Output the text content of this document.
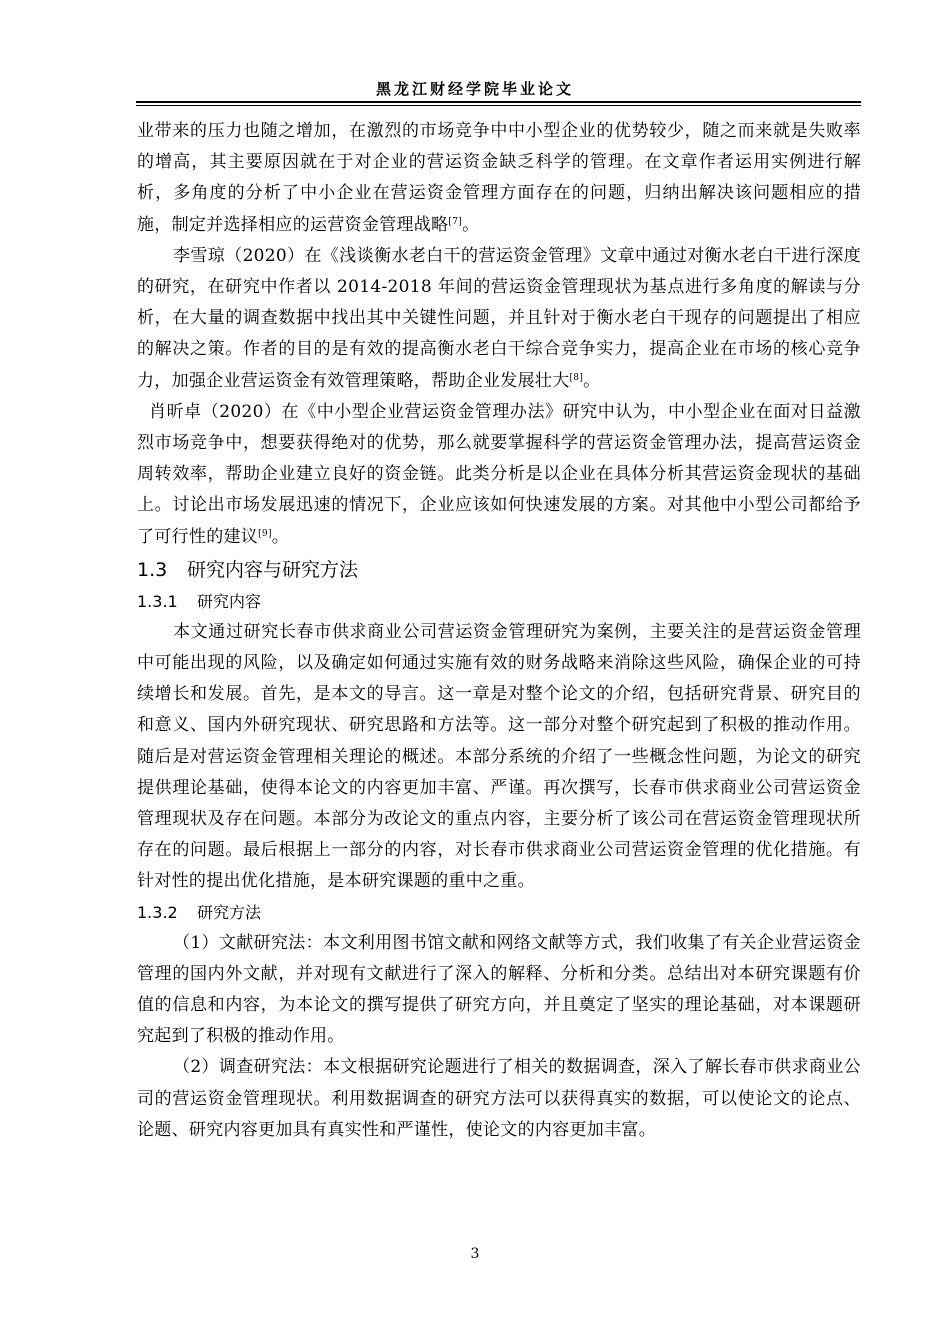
黑龙江财经学院毕业论文

业带来的压力也随之增加，在激烈的市场竞争中中小型企业的优势较少，随之而来就是失败率的增高，其主要原因就在于对企业的营运资金缺乏科学的管理。在文章作者运用实例进行解析，多角度的分析了中小企业在营运资金管理方面存在的问题，归纳出解决该问题相应的措施，制定并选择相应的运营资金管理战略[7]。

李雪琼（2020）在《浅谈衡水老白干的营运资金管理》文章中通过对衡水老白干进行深度的研究，在研究中作者以 2014-2018 年间的营运资金管理现状为基点进行多角度的解读与分析，在大量的调查数据中找出其中关键性问题，并且针对于衡水老白干现存的问题提出了相应的解决之策。作者的目的是有效的提高衡水老白干综合竞争实力，提高企业在市场的核心竞争力，加强企业营运资金有效管理策略，帮助企业发展壮大[8]。

肖昕卓（2020）在《中小型企业营运资金管理办法》研究中认为，中小型企业在面对日益激烈市场竞争中，想要获得绝对的优势，那么就要掌握科学的营运资金管理办法，提高营运资金周转效率，帮助企业建立良好的资金链。此类分析是以企业在具体分析其营运资金现状的基础上。讨论出市场发展迅速的情况下，企业应该如何快速发展的方案。对其他中小型公司都给予了可行性的建议[9]。

1.3 研究内容与研究方法
1.3.1 研究内容

本文通过研究长春市供求商业公司营运资金管理研究为案例，主要关注的是营运资金管理中可能出现的风险，以及确定如何通过实施有效的财务战略来消除这些风险，确保企业的可持续增长和发展。首先，是本文的导言。这一章是对整个论文的介绍，包括研究背景、研究目的和意义、国内外研究现状、研究思路和方法等。这一部分对整个研究起到了积极的推动作用。随后是对营运资金管理相关理论的概述。本部分系统的介绍了一些概念性问题，为论文的研究提供理论基础，使得本论文的内容更加丰富、严谨。再次撰写，长春市供求商业公司营运资金管理现状及存在问题。本部分为改论文的重点内容，主要分析了该公司在营运资金管理现状所存在的问题。最后根据上一部分的内容，对长春市供求商业公司营运资金管理的优化措施。有针对性的提出优化措施，是本研究课题的重中之重。

1.3.2 研究方法

（1）文献研究法：本文利用图书馆文献和网络文献等方式，我们收集了有关企业营运资金管理的国内外文献，并对现有文献进行了深入的解释、分析和分类。总结出对本研究课题有价值的信息和内容，为本论文的撰写提供了研究方向，并且奠定了坚实的理论基础，对本课题研究起到了积极的推动作用。

（2）调查研究法：本文根据研究论题进行了相关的数据调查，深入了解长春市供求商业公司的营运资金管理现状。利用数据调查的研究方法可以获得真实的数据，可以使论文的论点、论题、研究内容更加具有真实性和严谨性，使论文的内容更加丰富。

3
